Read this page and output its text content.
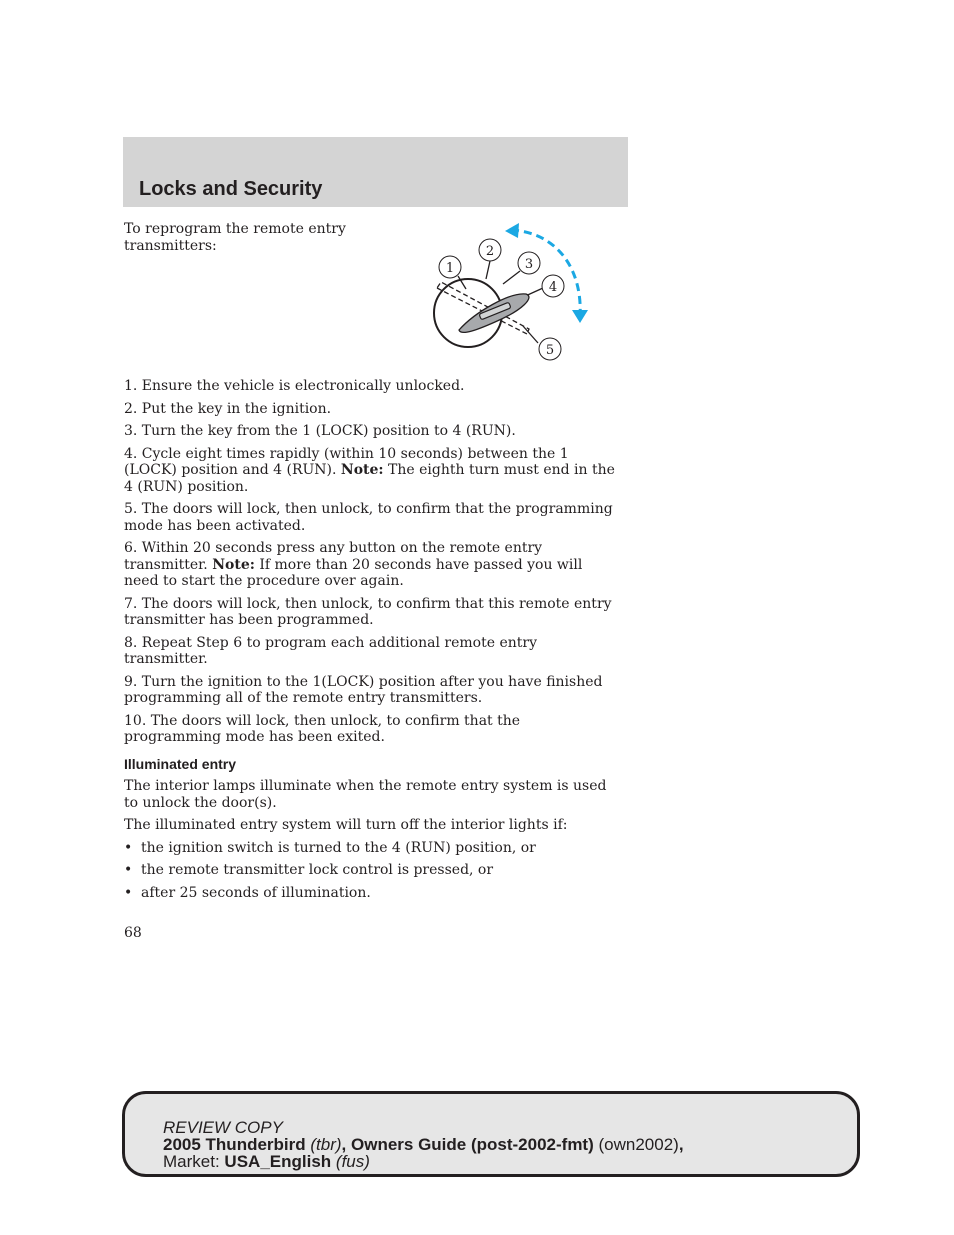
Locks and Security
To reprogram the remote entry transmitters:
1
2
3
4
5

1. Ensure the vehicle is electronically unlocked.

2. Put the key in the ignition.

3. Turn the key from the 1 (LOCK) position to 4 (RUN).

4. Cycle eight times rapidly (within 10 seconds) between the 1 (LOCK) position and 4 (RUN). Note: The eighth turn must end in the 4 (RUN) position.

5. The doors will lock, then unlock, to confirm that the programming mode has been activated.

6. Within 20 seconds press any button on the remote entry transmitter. Note: If more than 20 seconds have passed you will need to start the procedure over again.

7. The doors will lock, then unlock, to confirm that this remote entry transmitter has been programmed.

8. Repeat Step 6 to program each additional remote entry transmitter.

9. Turn the ignition to the 1(LOCK) position after you have finished programming all of the remote entry transmitters.

10. The doors will lock, then unlock, to confirm that the programming mode has been exited.

Illuminated entry

The interior lamps illuminate when the remote entry system is used to unlock the door(s).

The illuminated entry system will turn off the interior lights if:

• the ignition switch is turned to the 4 (RUN) position, or
• the remote transmitter lock control is pressed, or
• after 25 seconds of illumination.
68
REVIEW COPY
2005 Thunderbird (tbr), Owners Guide (post-2002-fmt) (own2002),
Market: USA_English (fus)
